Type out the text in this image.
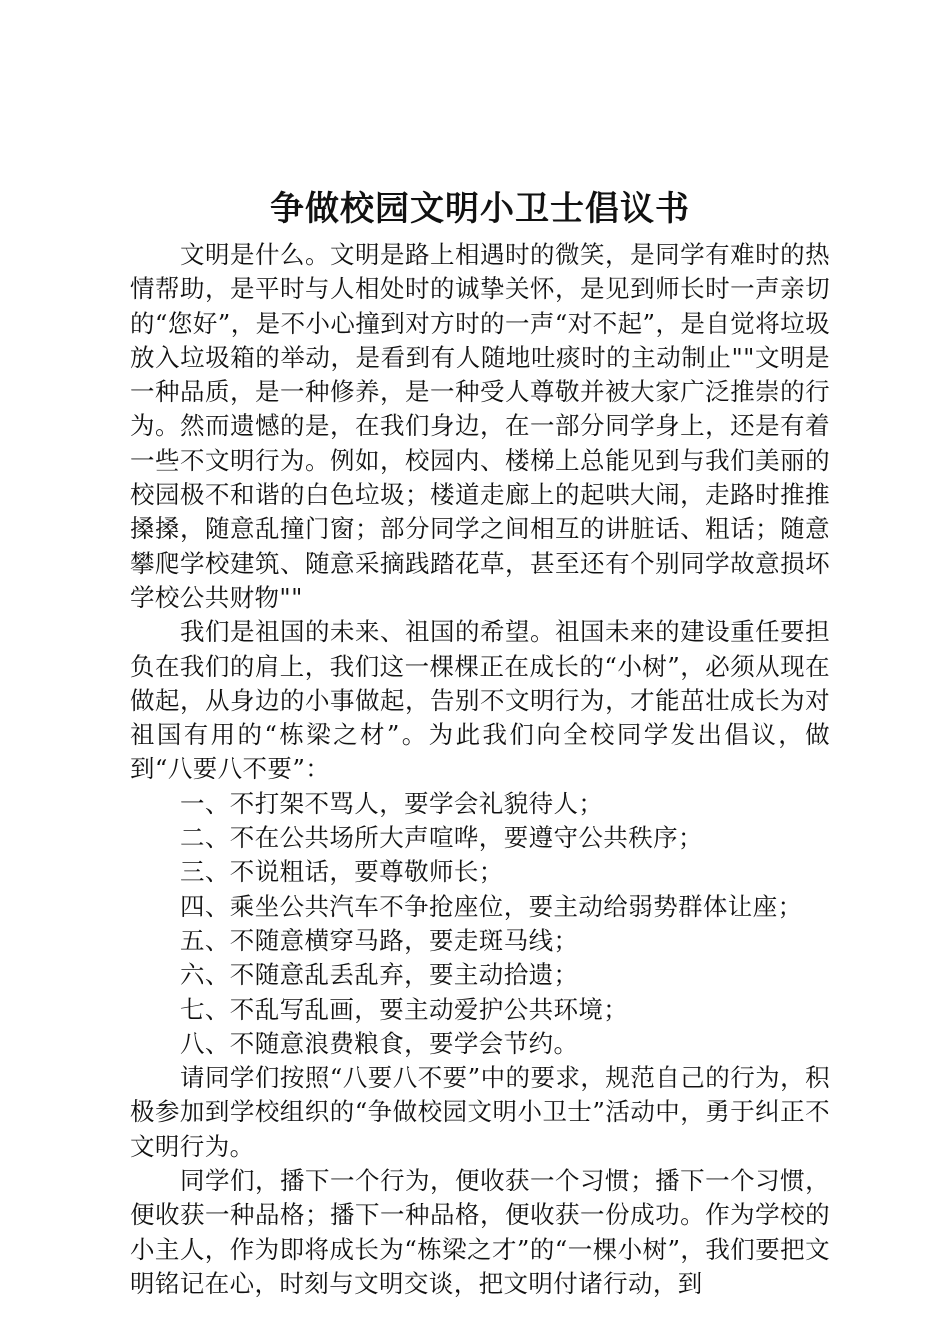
争做校园文明小卫士倡议书

文明是什么。文明是路上相遇时的微笑，是同学有难时的热情帮助，是平时与人相处时的诚挚关怀，是见到师长时一声亲切的“您好”，是不小心撞到对方时的一声“对不起”，是自觉将垃圾放入垃圾箱的举动，是看到有人随地吐痰时的主动制止""文明是一种品质，是一种修养，是一种受人尊敬并被大家广泛推崇的行为。然而遗憾的是，在我们身边，在一部分同学身上，还是有着一些不文明行为。例如，校园内、楼梯上总能见到与我们美丽的校园极不和谐的白色垃圾；楼道走廊上的起哄大闹，走路时推推搡搡，随意乱撞门窗；部分同学之间相互的讲脏话、粗话；随意攀爬学校建筑、随意采摘践踏花草，甚至还有个别同学故意损坏学校公共财物""

我们是祖国的未来、祖国的希望。祖国未来的建设重任要担负在我们的肩上，我们这一棵棵正在成长的“小树”，必须从现在做起，从身边的小事做起，告别不文明行为，才能茁壮成长为对祖国有用的“栋梁之材”。为此我们向全校同学发出倡议，做到“八要八不要”：

一、不打架不骂人，要学会礼貌待人；

二、不在公共场所大声喧哗，要遵守公共秩序；

三、不说粗话，要尊敬师长；

四、乘坐公共汽车不争抢座位，要主动给弱势群体让座；

五、不随意横穿马路，要走斑马线；

六、不随意乱丢乱弃，要主动拾遗；

七、不乱写乱画，要主动爱护公共环境；

八、不随意浪费粮食，要学会节约。

请同学们按照“八要八不要”中的要求，规范自己的行为，积极参加到学校组织的“争做校园文明小卫士”活动中，勇于纠正不文明行为。

同学们，播下一个行为，便收获一个习惯；播下一个习惯，便收获一种品格；播下一种品格，便收获一份成功。作为学校的小主人，作为即将成长为“栋梁之才”的“一棵小树”，我们要把文明铭记在心，时刻与文明交谈，把文明付诸行动，到
